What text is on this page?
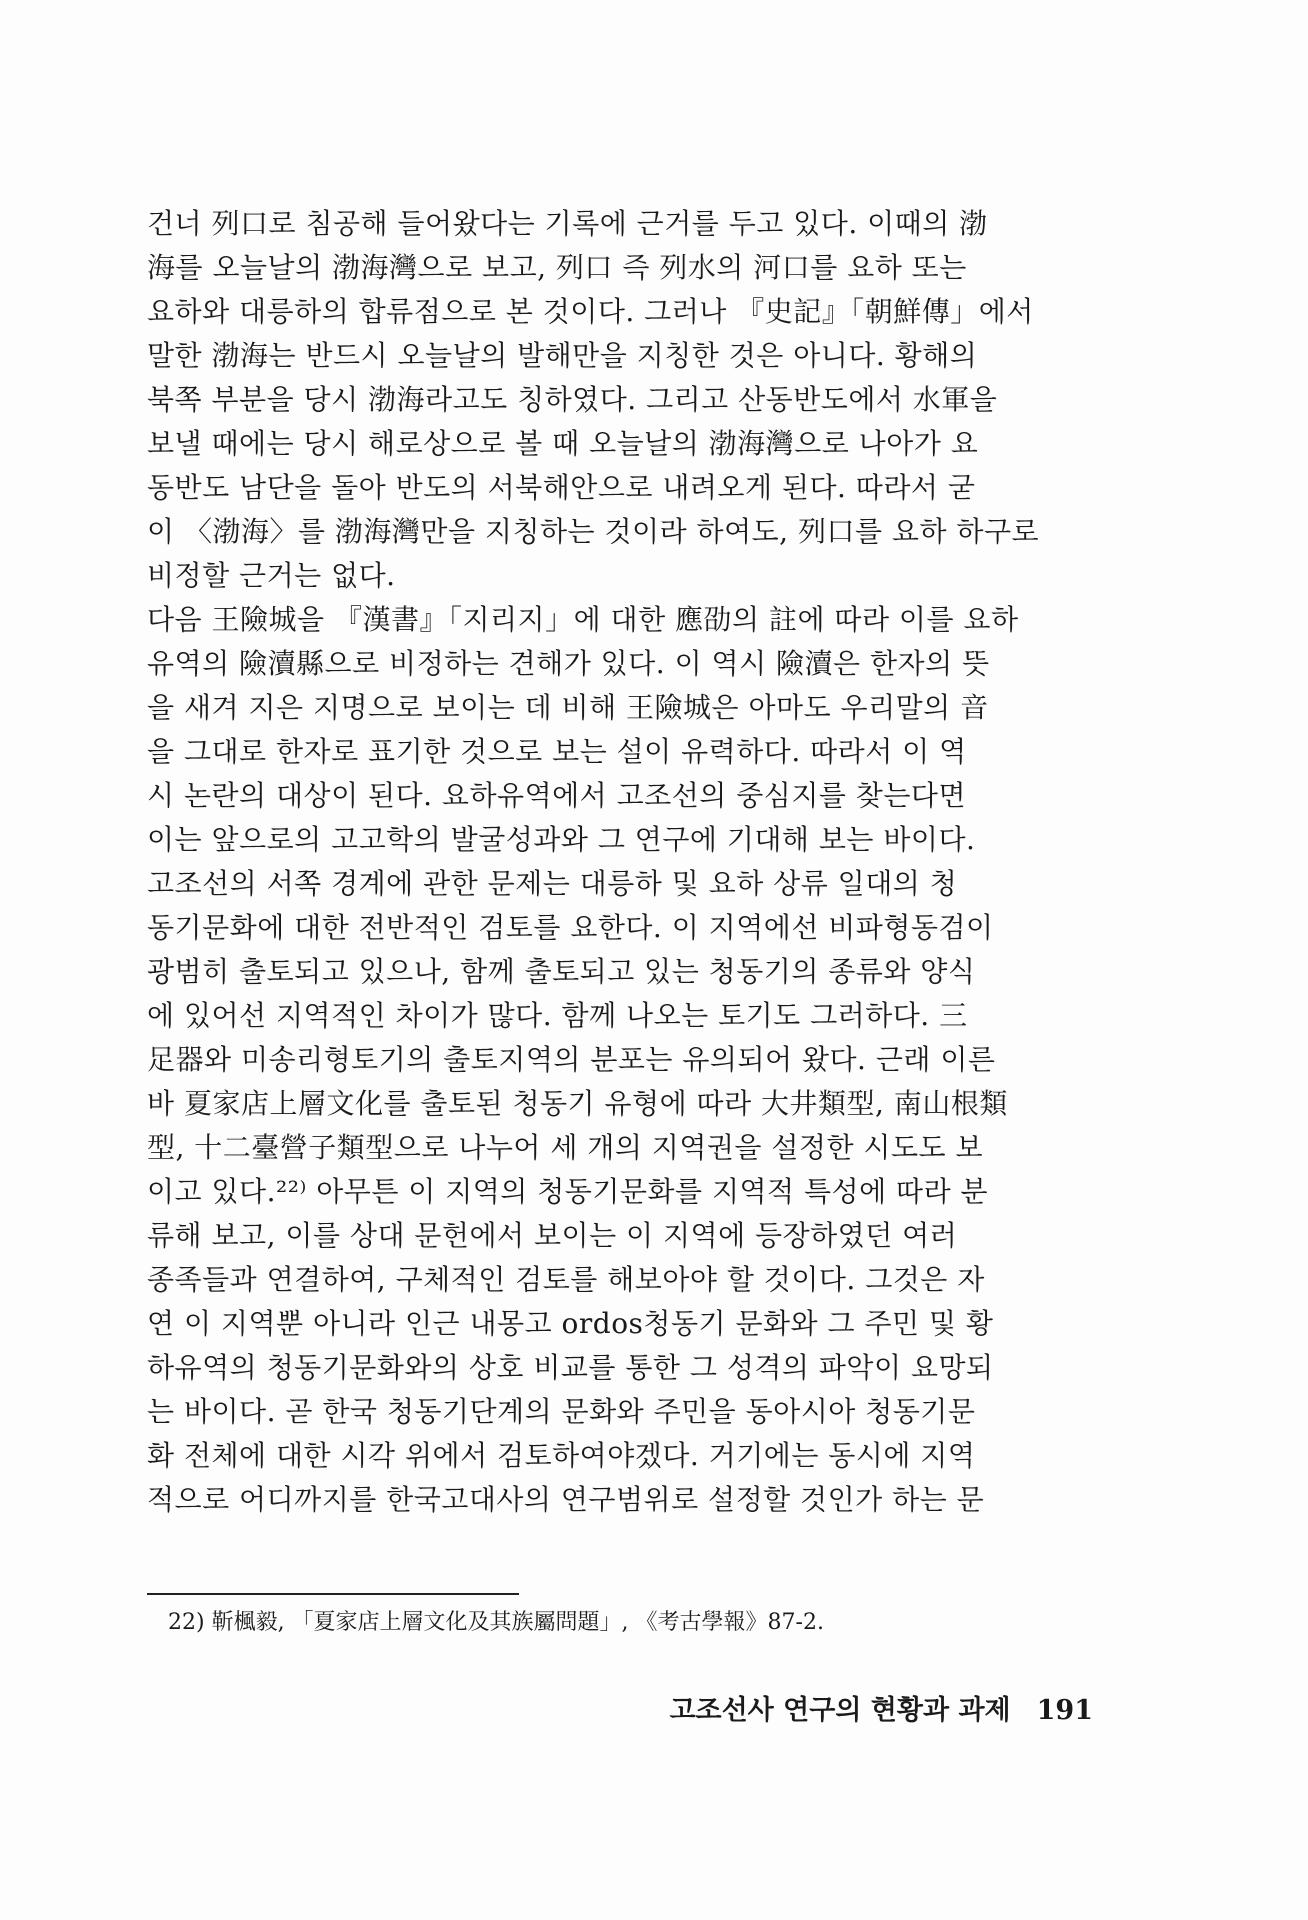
건너 列口로 침공해 들어왔다는 기록에 근거를 두고 있다. 이때의 渤
海를 오늘날의 渤海灣으로 보고, 列口 즉 列水의 河口를 요하 또는
요하와 대릉하의 합류점으로 본 것이다. 그러나 『史記』「朝鮮傳」에서
말한 渤海는 반드시 오늘날의 발해만을 지칭한 것은 아니다. 황해의
북쪽 부분을 당시 渤海라고도 칭하였다. 그리고 산동반도에서 水軍을
보낼 때에는 당시 해로상으로 볼 때 오늘날의 渤海灣으로 나아가 요
동반도 남단을 돌아 반도의 서북해안으로 내려오게 된다. 따라서 굳
이 〈渤海〉를 渤海灣만을 지칭하는 것이라 하여도, 列口를 요하 하구로
비정할 근거는 없다.
다음 王險城을 『漢書』「지리지」에 대한 應劭의 註에 따라 이를 요하
유역의 險瀆縣으로 비정하는 견해가 있다. 이 역시 險瀆은 한자의 뜻
을 새겨 지은 지명으로 보이는 데 비해 王險城은 아마도 우리말의 音
을 그대로 한자로 표기한 것으로 보는 설이 유력하다. 따라서 이 역
시 논란의 대상이 된다. 요하유역에서 고조선의 중심지를 찾는다면
이는 앞으로의 고고학의 발굴성과와 그 연구에 기대해 보는 바이다.
고조선의 서쪽 경계에 관한 문제는 대릉하 및 요하 상류 일대의 청
동기문화에 대한 전반적인 검토를 요한다. 이 지역에선 비파형동검이
광범히 출토되고 있으나, 함께 출토되고 있는 청동기의 종류와 양식
에 있어선 지역적인 차이가 많다. 함께 나오는 토기도 그러하다. 三
足器와 미송리형토기의 출토지역의 분포는 유의되어 왔다. 근래 이른
바 夏家店上層文化를 출토된 청동기 유형에 따라 大井類型, 南山根類
型, 十二臺營子類型으로 나누어 세 개의 지역권을 설정한 시도도 보
이고 있다.²²⁾ 아무튼 이 지역의 청동기문화를 지역적 특성에 따라 분
류해 보고, 이를 상대 문헌에서 보이는 이 지역에 등장하였던 여러
종족들과 연결하여, 구체적인 검토를 해보아야 할 것이다. 그것은 자
연 이 지역뿐 아니라 인근 내몽고 ordos청동기 문화와 그 주민 및 황
하유역의 청동기문화와의 상호 비교를 통한 그 성격의 파악이 요망되
는 바이다. 곧 한국 청동기단계의 문화와 주민을 동아시아 청동기문
화 전체에 대한 시각 위에서 검토하여야겠다. 거기에는 동시에 지역
적으로 어디까지를 한국고대사의 연구범위로 설정할 것인가 하는 문
22) 靳楓毅, 「夏家店上層文化及其族屬問題」, 《考古學報》87-2.
고조선사 연구의 현황과 과제 191
